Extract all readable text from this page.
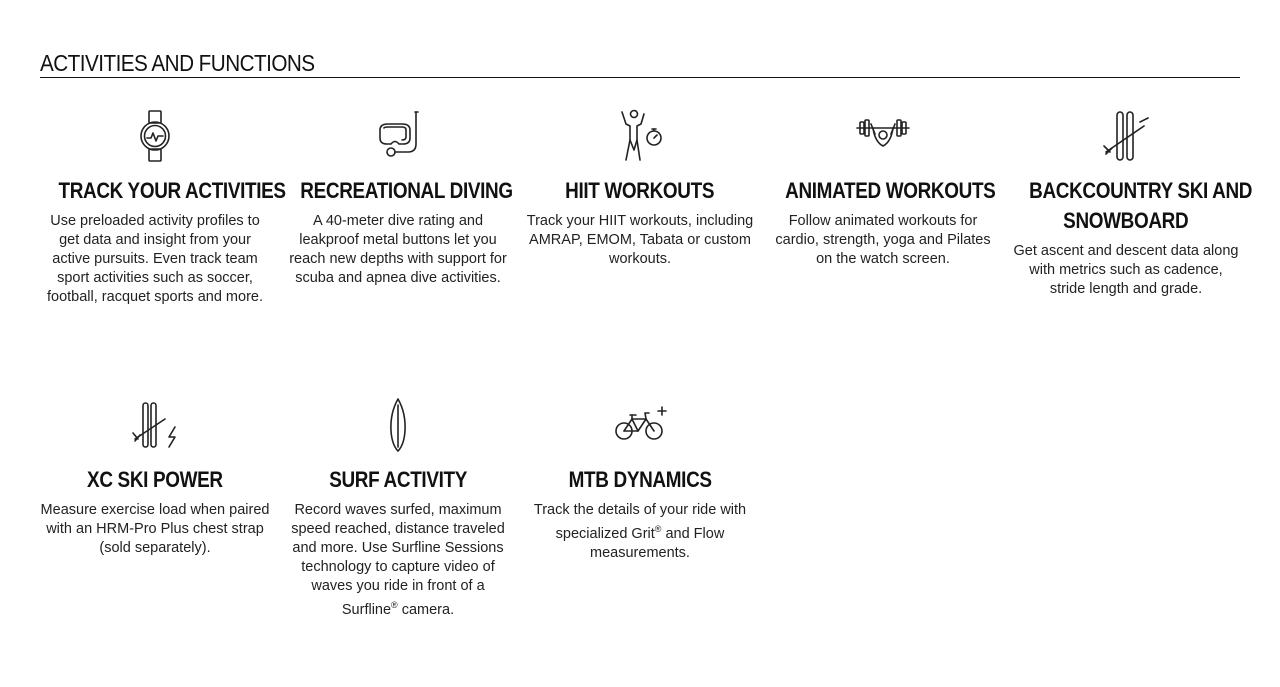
ACTIVITIES AND FUNCTIONS
TRACK YOUR ACTIVITIES

Use preloaded activity profiles to get data and insight from your active pursuits. Even track team sport activities such as soccer, football, racquet sports and more.

RECREATIONAL DIVING

A 40-meter dive rating and leakproof metal buttons let you reach new depths with support for scuba and apnea dive activities.

HIIT WORKOUTS

Track your HIIT workouts, including AMRAP, EMOM, Tabata or custom workouts.

ANIMATED WORKOUTS

Follow animated workouts for cardio, strength, yoga and Pilates on the watch screen.

BACKCOUNTRY SKI AND
SNOWBOARD

Get ascent and descent data along with metrics such as cadence, stride length and grade.

XC SKI POWER

Measure exercise load when paired with an HRM-Pro Plus chest strap (sold separately).

SURF ACTIVITY

Record waves surfed, maximum speed reached, distance traveled and more. Use Surfline Sessions technology to capture video of waves you ride in front of a Surfline® camera.

MTB DYNAMICS

Track the details of your ride with specialized Grit® and Flow measurements.
